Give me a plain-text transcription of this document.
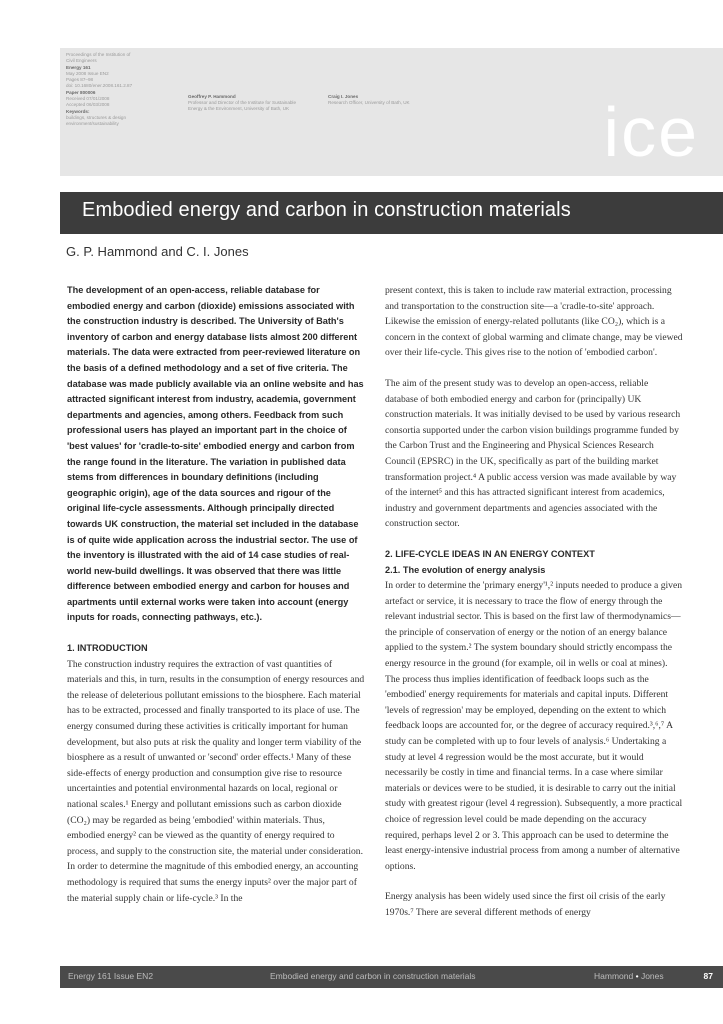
Proceedings of the Institution of
Civil Engineers
Energy 161
May 2008 Issue EN2
Pages 87–98
doi: 10.1680/ener.2008.161.2.87
Paper 800006
Received 07/01/2008
Accepted 06/03/2008
Keywords:
buildings, structures & design
environment/sustainability
Geoffrey P. Hammond
Professor and Director of the Institute for Sustainable Energy & the Environment, University of Bath, UK
Craig I. Jones
Research Officer, University of Bath, UK	ice
Embodied energy and carbon in construction materials
G. P. Hammond and C. I. Jones

The development of an open-access, reliable database for embodied energy and carbon (dioxide) emissions associated with the construction industry is described. The University of Bath's inventory of carbon and energy database lists almost 200 different materials. The data were extracted from peer-reviewed literature on the basis of a defined methodology and a set of five criteria. The database was made publicly available via an online website and has attracted significant interest from industry, academia, government departments and agencies, among others. Feedback from such professional users has played an important part in the choice of 'best values' for 'cradle-to-site' embodied energy and carbon from the range found in the literature. The variation in published data stems from differences in boundary definitions (including geographic origin), age of the data sources and rigour of the original life-cycle assessments. Although principally directed towards UK construction, the material set included in the database is of quite wide application across the industrial sector. The use of the inventory is illustrated with the aid of 14 case studies of real-world new-build dwellings. It was observed that there was little difference between embodied energy and carbon for houses and apartments until external works were taken into account (energy inputs for roads, connecting pathways, etc.).

1. INTRODUCTION

The construction industry requires the extraction of vast quantities of materials and this, in turn, results in the consumption of energy resources and the release of deleterious pollutant emissions to the biosphere. Each material has to be extracted, processed and finally transported to its place of use. The energy consumed during these activities is critically important for human development, but also puts at risk the quality and longer term viability of the biosphere as a result of unwanted or 'second' order effects.¹ Many of these side-effects of energy production and consumption give rise to resource uncertainties and potential environmental hazards on local, regional or national scales.¹ Energy and pollutant emissions such as carbon dioxide (CO₂) may be regarded as being 'embodied' within materials. Thus, embodied energy² can be viewed as the quantity of energy required to process, and supply to the construction site, the material under consideration. In order to determine the magnitude of this embodied energy, an accounting methodology is required that sums the energy inputs² over the major part of the material supply chain or life-cycle.³ In the

present context, this is taken to include raw material extraction, processing and transportation to the construction site—a 'cradle-to-site' approach. Likewise the emission of energy-related pollutants (like CO₂), which is a concern in the context of global warming and climate change, may be viewed over their life-cycle. This gives rise to the notion of 'embodied carbon'.

The aim of the present study was to develop an open-access, reliable database of both embodied energy and carbon for (principally) UK construction materials. It was initially devised to be used by various research consortia supported under the carbon vision buildings programme funded by the Carbon Trust and the Engineering and Physical Sciences Research Council (EPSRC) in the UK, specifically as part of the building market transformation project.⁴ A public access version was made available by way of the internet⁵ and this has attracted significant interest from academics, industry and government departments and agencies associated with the construction sector.

2. LIFE-CYCLE IDEAS IN AN ENERGY CONTEXT

2.1. The evolution of energy analysis

In order to determine the 'primary energy'¹,² inputs needed to produce a given artefact or service, it is necessary to trace the flow of energy through the relevant industrial sector. This is based on the first law of thermodynamics—the principle of conservation of energy or the notion of an energy balance applied to the system.² The system boundary should strictly encompass the energy resource in the ground (for example, oil in wells or coal at mines). The process thus implies identification of feedback loops such as the 'embodied' energy requirements for materials and capital inputs. Different 'levels of regression' may be employed, depending on the extent to which feedback loops are accounted for, or the degree of accuracy required.³,⁶,⁷ A study can be completed with up to four levels of analysis.⁶ Undertaking a study at level 4 regression would be the most accurate, but it would necessarily be costly in time and financial terms. In a case where similar materials or devices were to be studied, it is desirable to carry out the initial study with greatest rigour (level 4 regression). Subsequently, a more practical choice of regression level could be made depending on the accuracy required, perhaps level 2 or 3. This approach can be used to determine the least energy-intensive industrial process from among a number of alternative options.

Energy analysis has been widely used since the first oil crisis of the early 1970s.⁷ There are several different methods of energy

Energy 161 Issue EN2	Embodied energy and carbon in construction materials	Hammond • Jones	87
